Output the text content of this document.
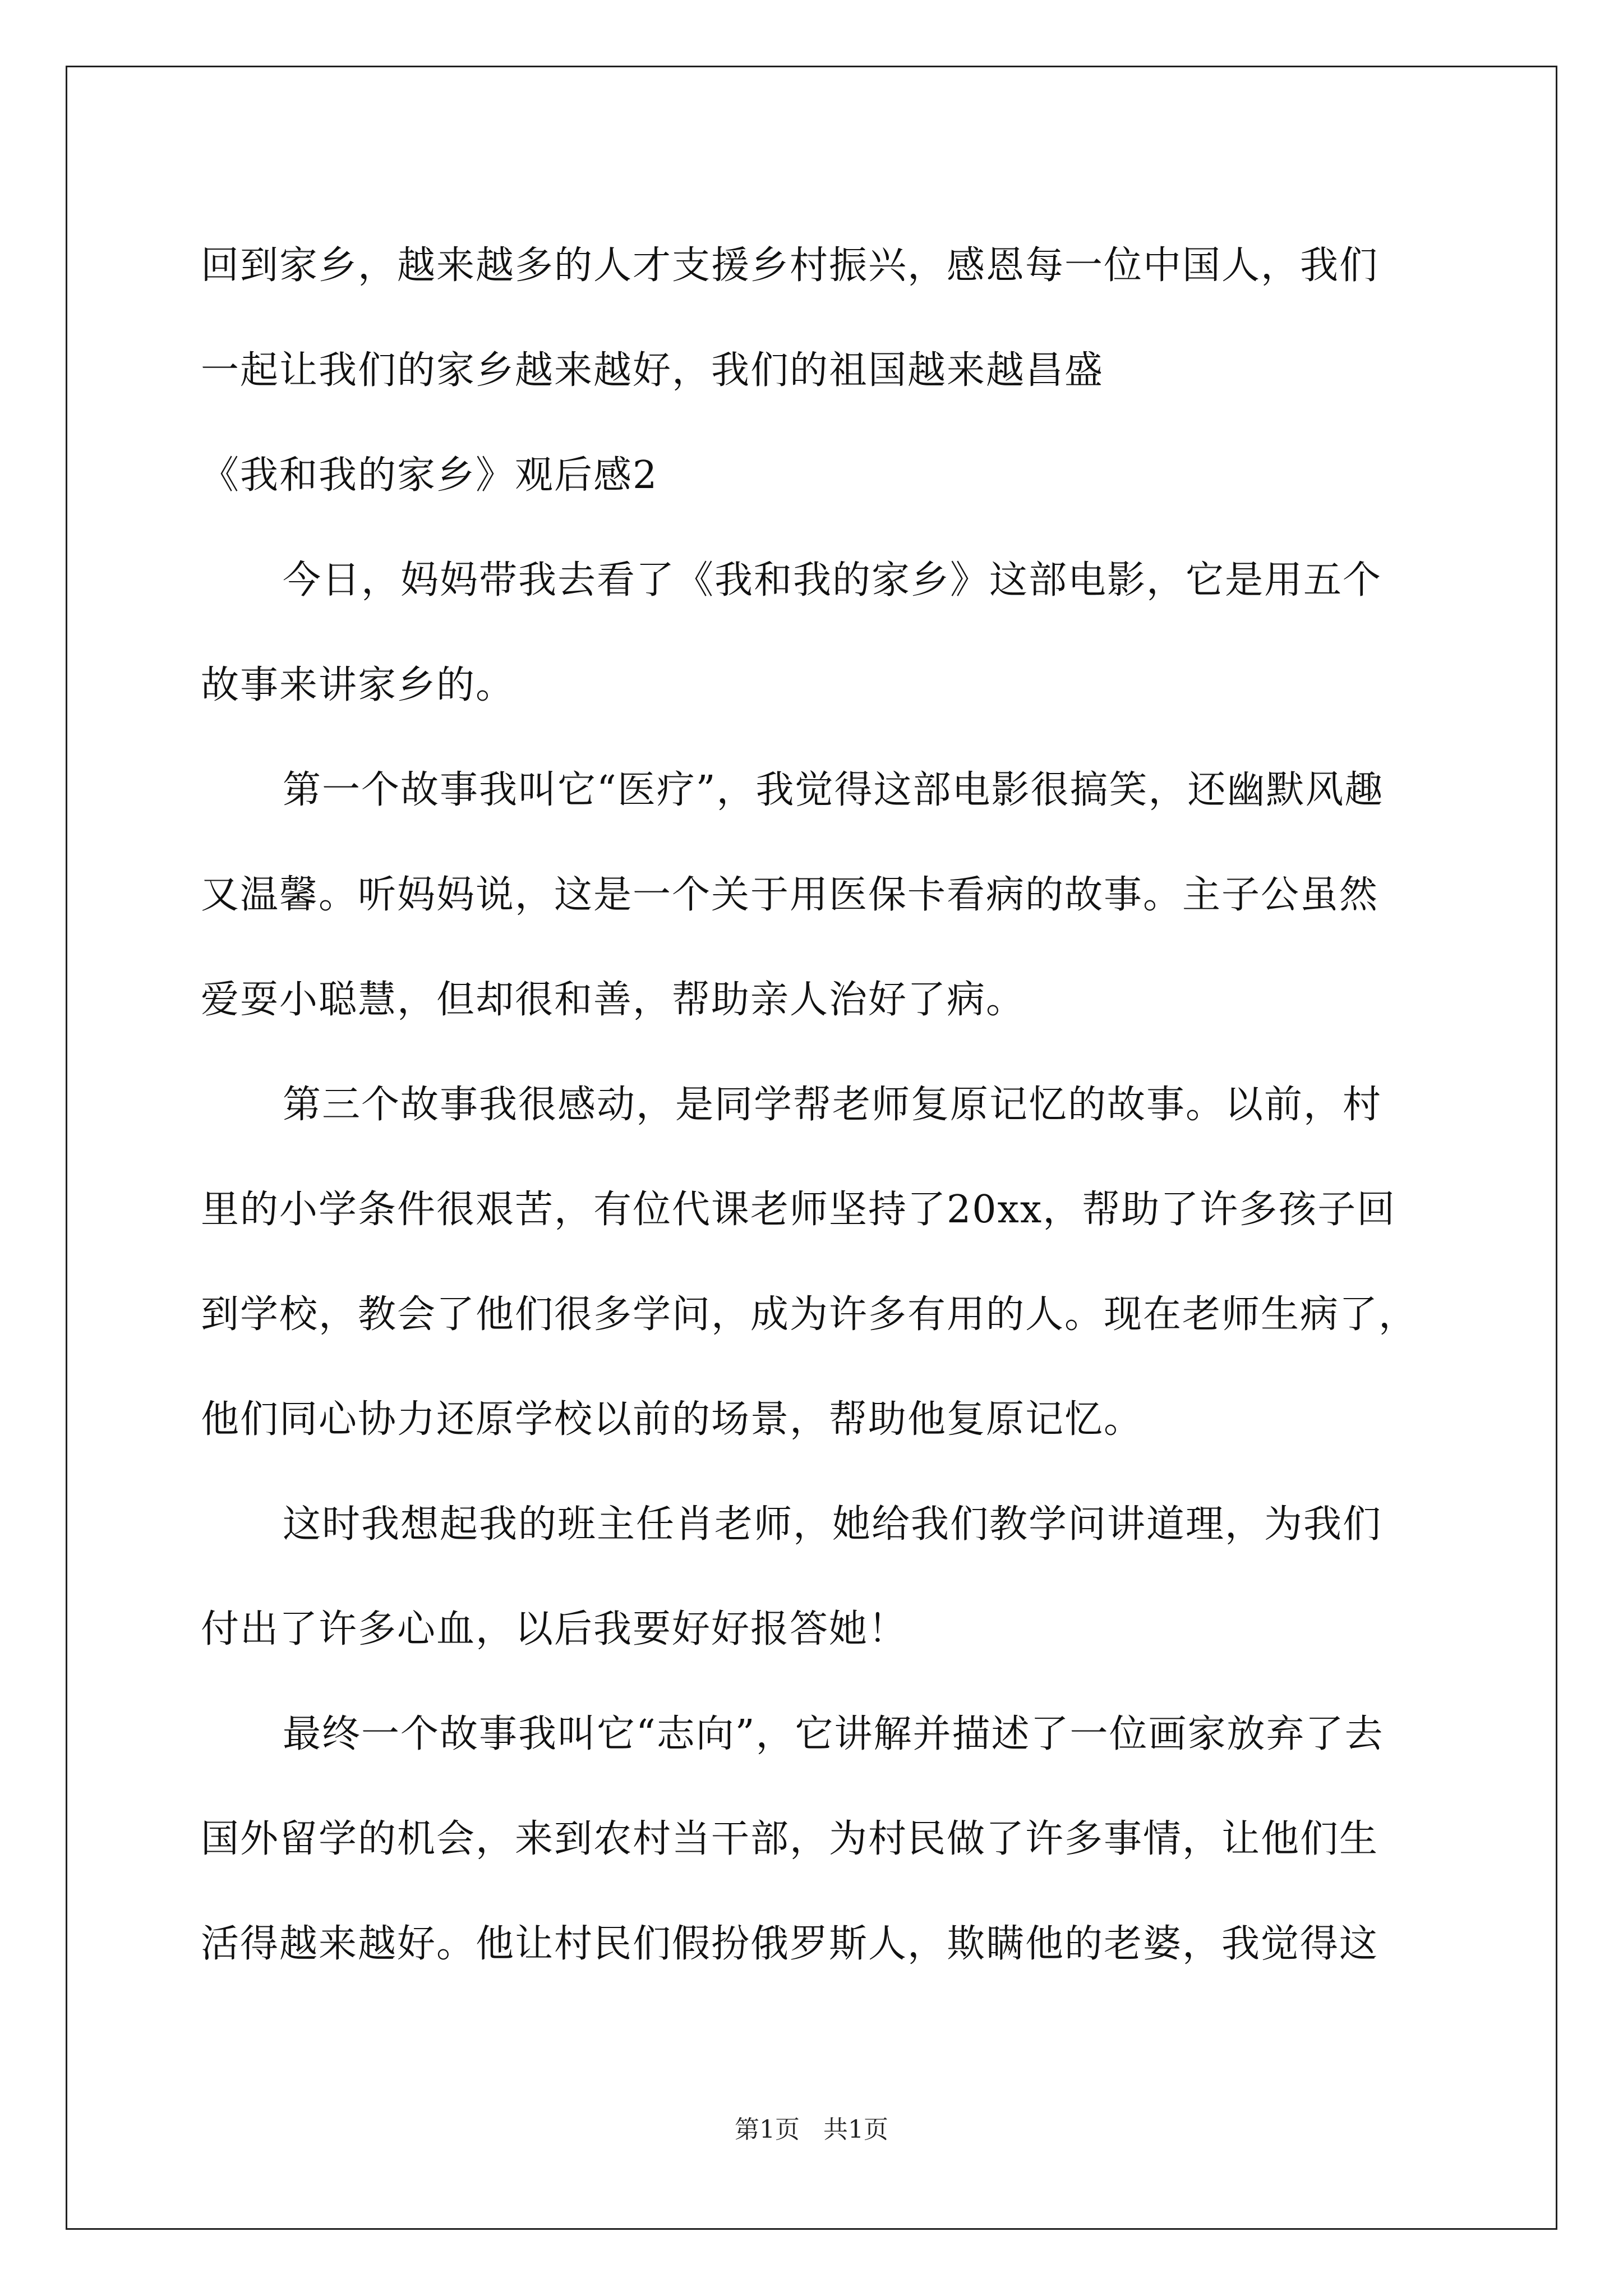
回到家乡，越来越多的人才支援乡村振兴，感恩每一位中国人，我们
一起让我们的家乡越来越好，我们的祖国越来越昌盛
《我和我的家乡》观后感2
今日，妈妈带我去看了《我和我的家乡》这部电影，它是用五个
故事来讲家乡的。
第一个故事我叫它“医疗”，我觉得这部电影很搞笑，还幽默风趣
又温馨。听妈妈说，这是一个关于用医保卡看病的故事。主子公虽然
爱耍小聪慧，但却很和善，帮助亲人治好了病。
第三个故事我很感动，是同学帮老师复原记忆的故事。以前，村
里的小学条件很艰苦，有位代课老师坚持了20xx，帮助了许多孩子回
到学校，教会了他们很多学问，成为许多有用的人。现在老师生病了，
他们同心协力还原学校以前的场景，帮助他复原记忆。
这时我想起我的班主任肖老师，她给我们教学问讲道理，为我们
付出了许多心血，以后我要好好报答她！
最终一个故事我叫它“志向”，它讲解并描述了一位画家放弃了去
国外留学的机会，来到农村当干部，为村民做了许多事情，让他们生
活得越来越好。他让村民们假扮俄罗斯人，欺瞒他的老婆，我觉得这
第1页   共1页
